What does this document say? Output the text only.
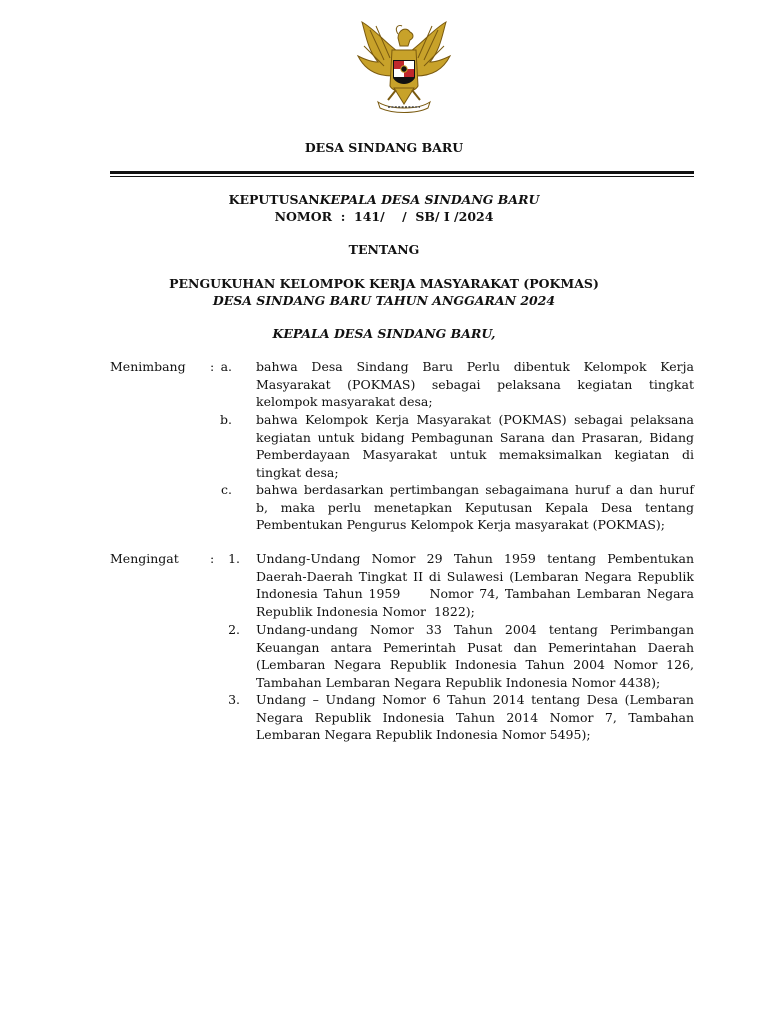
DESA SINDANG BARU
KEPUTUSANKEPALA DESA SINDANG BARU
NOMOR  :  141/    /  SB/ I /2024
TENTANG
PENGUKUHAN KELOMPOK KERJA MASYARAKAT (POKMAS)
DESA SINDANG BARU TAHUN ANGGARAN 2024
KEPALA DESA SINDANG BARU,
Menimbang : a. bahwa Desa Sindang Baru Perlu dibentuk Kelompok Kerja Masyarakat (POKMAS) sebagai pelaksana kegiatan tingkat kelompok masyarakat desa;

b. bahwa Kelompok Kerja Masyarakat (POKMAS) sebagai pelaksana kegiatan untuk bidang Pembagunan Sarana dan Prasaran, Bidang Pemberdayaan Masyarakat untuk memaksimalkan kegiatan di tingkat desa;

c. bahwa berdasarkan pertimbangan sebagaimana huruf a dan huruf b, maka perlu menetapkan Keputusan Kepala Desa tentang Pembentukan Pengurus Kelompok Kerja masyarakat (POKMAS);

Mengingat :	1. Undang-Undang Nomor 29 Tahun 1959 tentang Pembentukan Daerah-Daerah Tingkat II di Sulawesi (Lembaran Negara Republik Indonesia Tahun 1959     Nomor 74, Tambahan Lembaran Negara Republik Indonesia Nomor  1822);

2. Undang-undang Nomor 33 Tahun 2004 tentang Perimbangan Keuangan antara Pemerintah Pusat dan Pemerintahan Daerah (Lembaran Negara Republik Indonesia Tahun 2004 Nomor 126, Tambahan Lembaran Negara Republik Indonesia Nomor 4438);

3. Undang – Undang Nomor 6 Tahun 2014 tentang Desa (Lembaran Negara Republik Indonesia Tahun 2014 Nomor 7, Tambahan Lembaran Negara Republik Indonesia Nomor 5495);
